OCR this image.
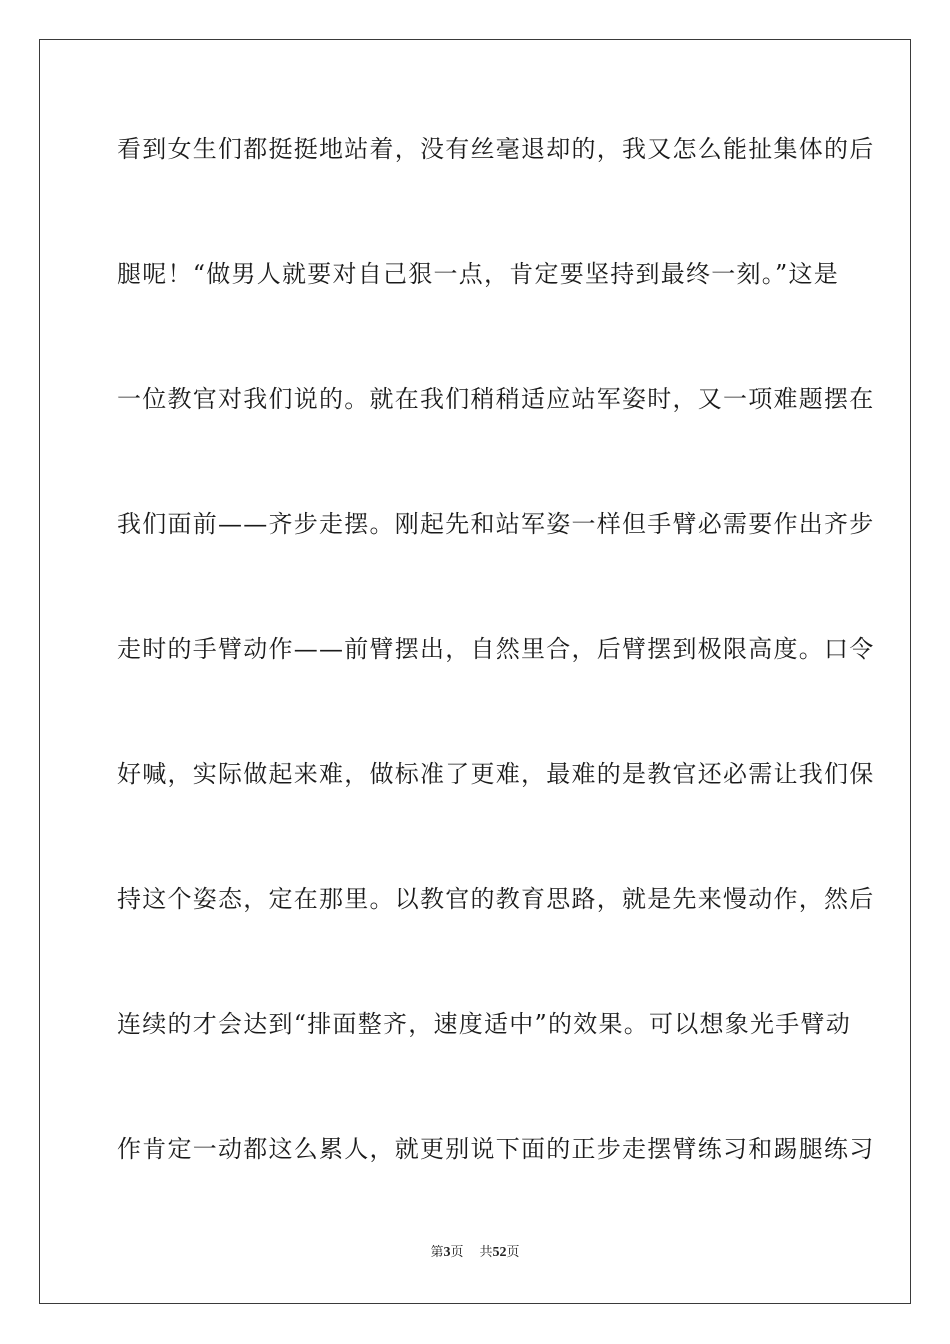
看到女生们都挺挺地站着，没有丝毫退却的，我又怎么能扯集体的后
腿呢！“做男人就要对自己狠一点，肯定要坚持到最终一刻。”这是
一位教官对我们说的。就在我们稍稍适应站军姿时，又一项难题摆在
我们面前——齐步走摆。刚起先和站军姿一样但手臂必需要作出齐步
走时的手臂动作——前臂摆出，自然里合，后臂摆到极限高度。口令
好喊，实际做起来难，做标准了更难，最难的是教官还必需让我们保
持这个姿态，定在那里。以教官的教育思路，就是先来慢动作，然后
连续的才会达到“排面整齐，速度适中”的效果。可以想象光手臂动
作肯定一动都这么累人，就更别说下面的正步走摆臂练习和踢腿练习
第3页 共52页
